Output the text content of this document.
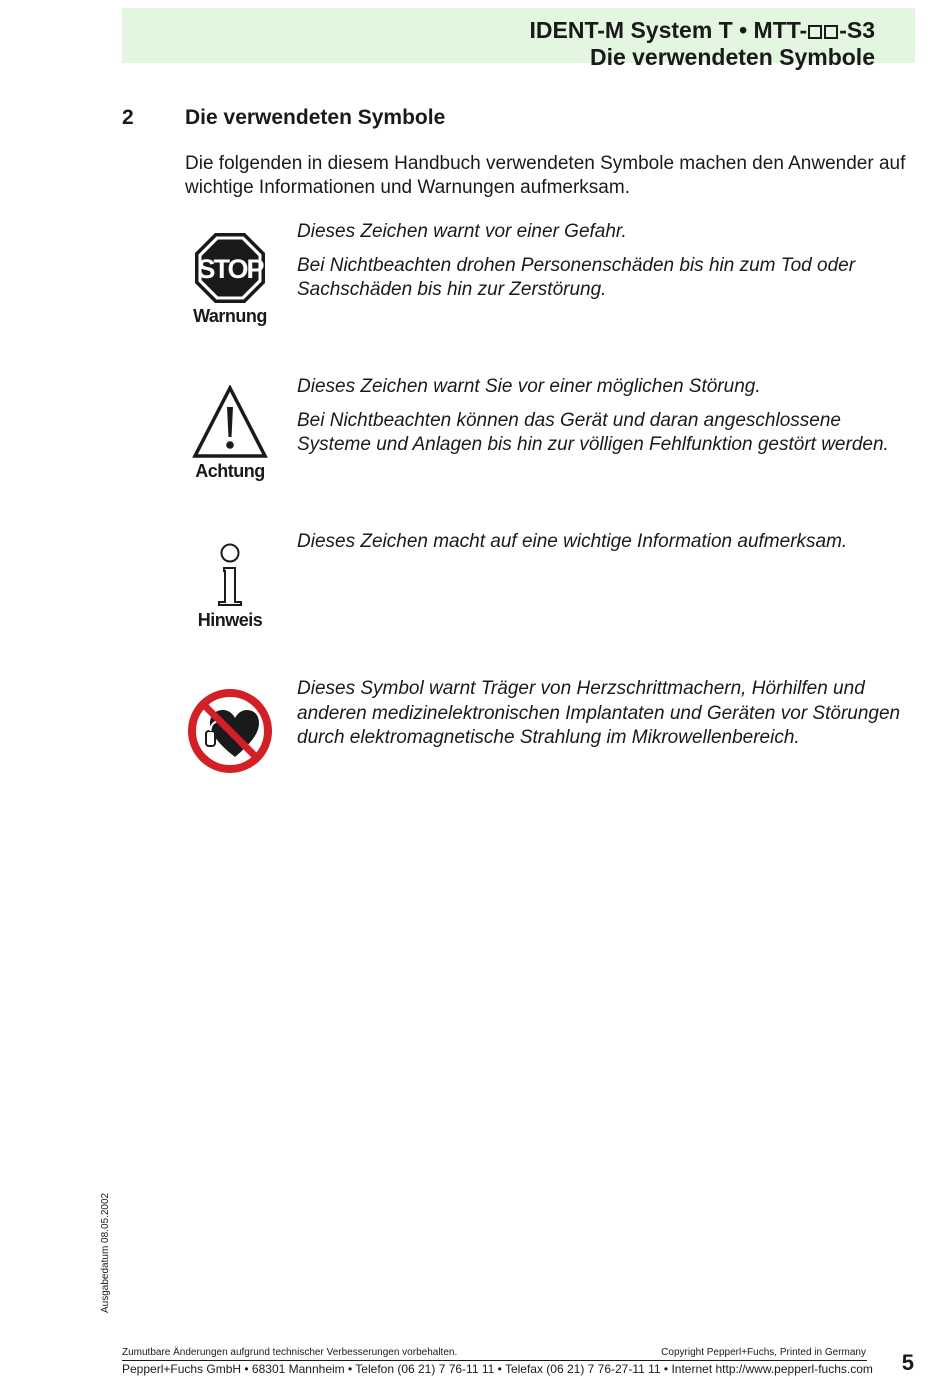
IDENT-M System T • MTT- -S3
Die verwendeten Symbole
2 Die verwendeten Symbole
Die folgenden in diesem Handbuch verwendeten Symbole machen den Anwender auf wichtige Informationen und Warnungen aufmerksam.
STOP
Warnung

Dieses Zeichen warnt vor einer Gefahr.

Bei Nichtbeachten drohen Personenschäden bis hin zum Tod oder Sachschäden bis hin zur Zerstörung.

Achtung

Dieses Zeichen warnt Sie vor einer möglichen Störung.

Bei Nichtbeachten können das Gerät und daran angeschlossene Systeme und Anlagen bis hin zur völligen Fehlfunktion gestört werden.

Hinweis

Dieses Zeichen macht auf eine wichtige Information aufmerksam.

Dieses Symbol warnt Träger von Herzschrittmachern, Hörhilfen und anderen medizinelektronischen Implantaten und Geräten vor Störungen durch elektromagnetische Strahlung im Mikrowellenbereich.

Ausgabedatum 08.05.2002
Zumutbare Änderungen aufgrund technischer Verbesserungen vorbehalten.	Copyright Pepperl+Fuchs, Printed in Germany
Pepperl+Fuchs GmbH • 68301 Mannheim • Telefon (06 21) 7 76-11 11 • Telefax (06 21) 7 76-27-11 11 • Internet http://www.pepperl-fuchs.com 5
